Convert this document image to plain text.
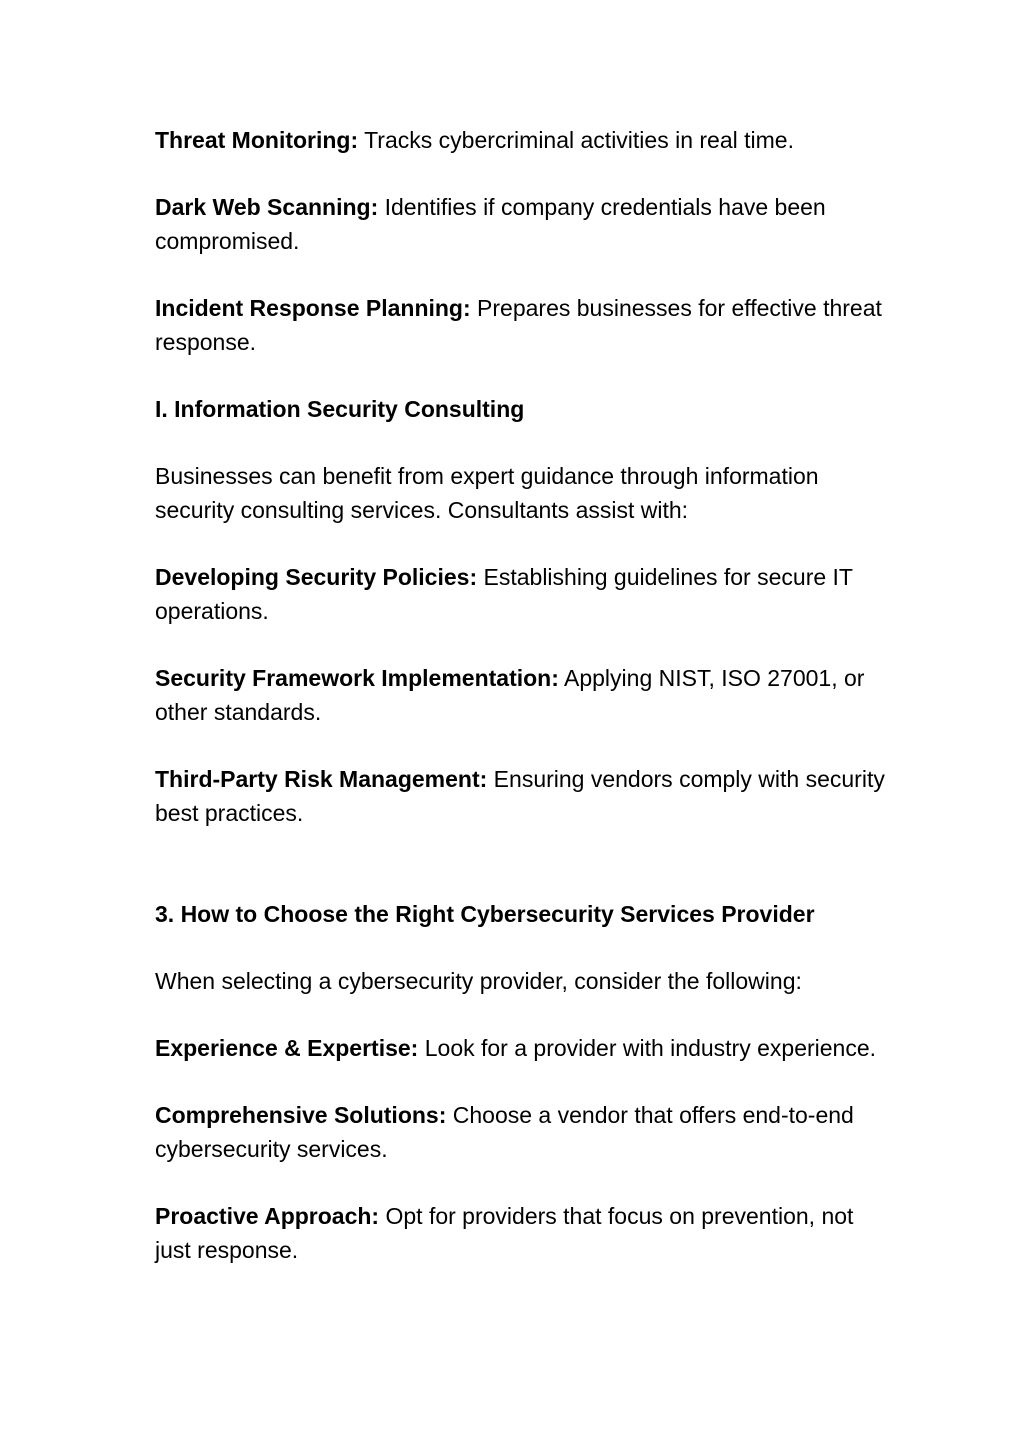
Threat Monitoring: Tracks cybercriminal activities in real time.

Dark Web Scanning: Identifies if company credentials have been compromised.

Incident Response Planning: Prepares businesses for effective threat response.

I. Information Security Consulting

Businesses can benefit from expert guidance through information security consulting services. Consultants assist with:

Developing Security Policies: Establishing guidelines for secure IT operations.

Security Framework Implementation: Applying NIST, ISO 27001, or other standards.

Third-Party Risk Management: Ensuring vendors comply with security best practices.

3. How to Choose the Right Cybersecurity Services Provider

When selecting a cybersecurity provider, consider the following:

Experience & Expertise: Look for a provider with industry experience.

Comprehensive Solutions: Choose a vendor that offers end-to-end cybersecurity services.

Proactive Approach: Opt for providers that focus on prevention, not just response.
